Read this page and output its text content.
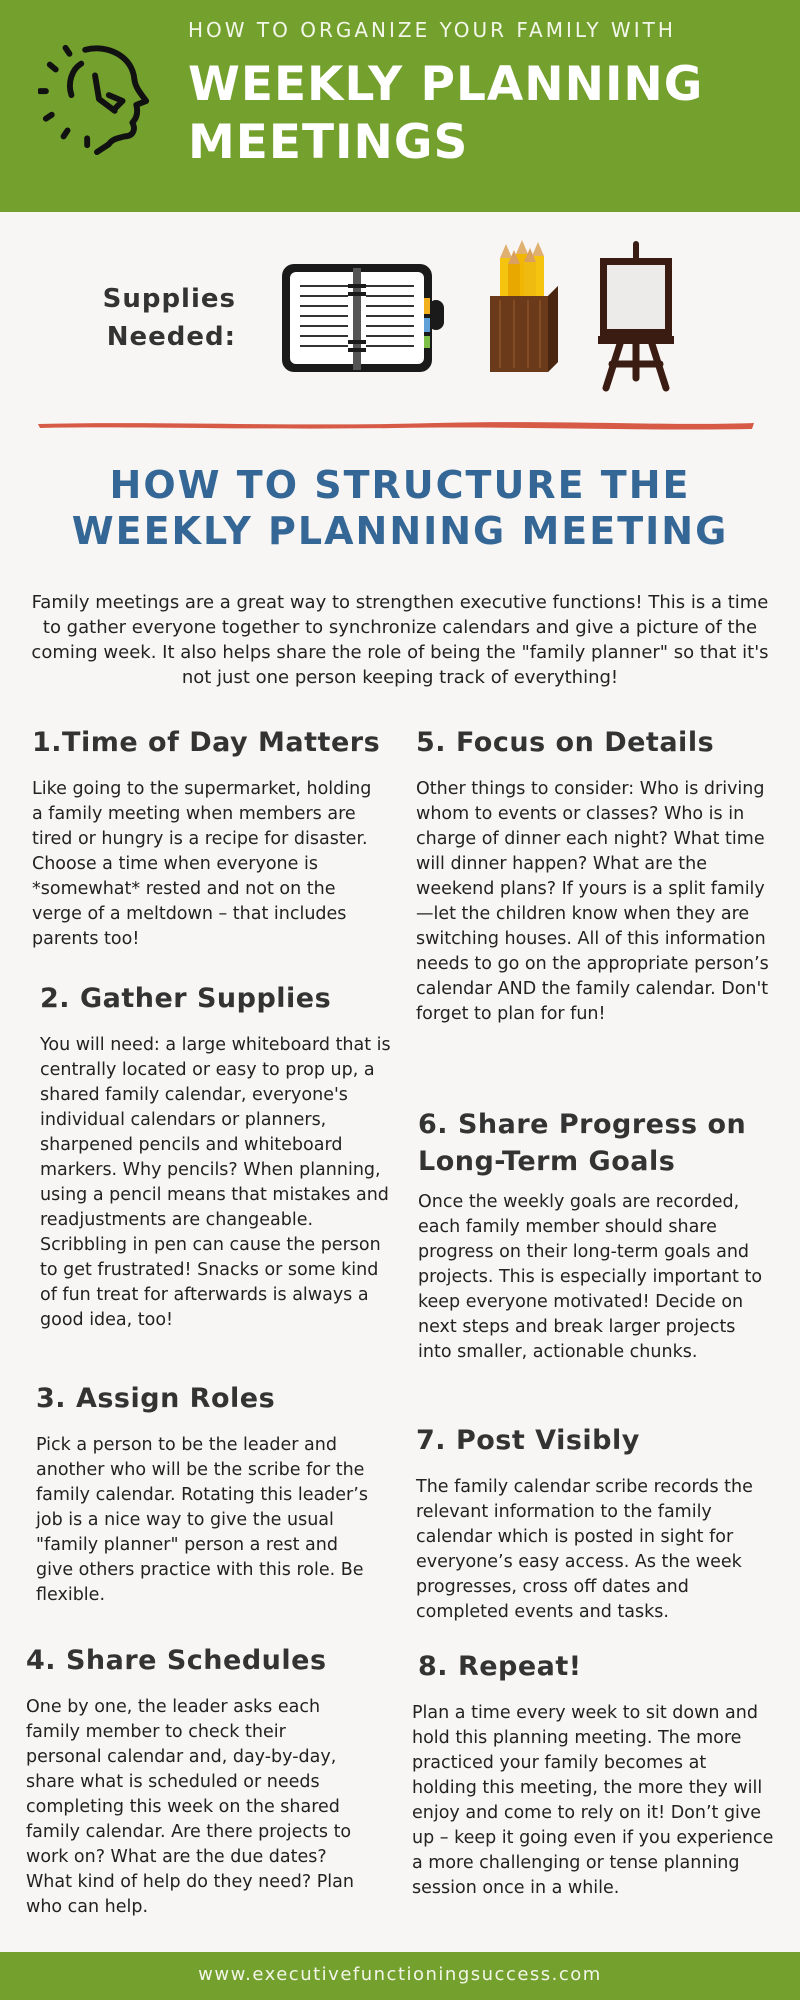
HOW TO ORGANIZE YOUR FAMILY WITH
WEEKLY PLANNING MEETINGS
Supplies Needed:
HOW TO STRUCTURE THE WEEKLY PLANNING MEETING
Family meetings are a great way to strengthen executive functions! This is a time to gather everyone together to synchronize calendars and give a picture of the coming week. It also helps share the role of being the "family planner" so that it's not just one person keeping track of everything!
1.Time of Day Matters

Like going to the supermarket, holding a family meeting when members are tired or hungry is a recipe for disaster. Choose a time when everyone is *somewhat* rested and not on the verge of a meltdown – that includes parents too!

2. Gather Supplies

You will need: a large whiteboard that is centrally located or easy to prop up, a shared family calendar, everyone's individual calendars or planners, sharpened pencils and whiteboard markers. Why pencils? When planning, using a pencil means that mistakes and readjustments are changeable. Scribbling in pen can cause the person to get frustrated! Snacks or some kind of fun treat for afterwards is always a good idea, too!

3. Assign Roles

Pick a person to be the leader and another who will be the scribe for the family calendar. Rotating this leader’s job is a nice way to give the usual "family planner" person a rest and give others practice with this role. Be flexible.

4. Share Schedules

One by one, the leader asks each family member to check their personal calendar and, day-by-day, share what is scheduled or needs completing this week on the shared family calendar. Are there projects to work on? What are the due dates? What kind of help do they need? Plan who can help.

5. Focus on Details

Other things to consider: Who is driving whom to events or classes? Who is in charge of dinner each night? What time will dinner happen? What are the weekend plans? If yours is a split family—let the children know when they are switching houses. All of this information needs to go on the appropriate person’s calendar AND the family calendar. Don't forget to plan for fun!

6. Share Progress on Long-Term Goals

Once the weekly goals are recorded, each family member should share progress on their long-term goals and projects. This is especially important to keep everyone motivated! Decide on next steps and break larger projects into smaller, actionable chunks.

7. Post Visibly

The family calendar scribe records the relevant information to the family calendar which is posted in sight for everyone’s easy access. As the week progresses, cross off dates and completed events and tasks.

8. Repeat!

Plan a time every week to sit down and hold this planning meeting. The more practiced your family becomes at holding this meeting, the more they will enjoy and come to rely on it! Don’t give up – keep it going even if you experience a more challenging or tense planning session once in a while.

www.executivefunctioningsuccess.com
